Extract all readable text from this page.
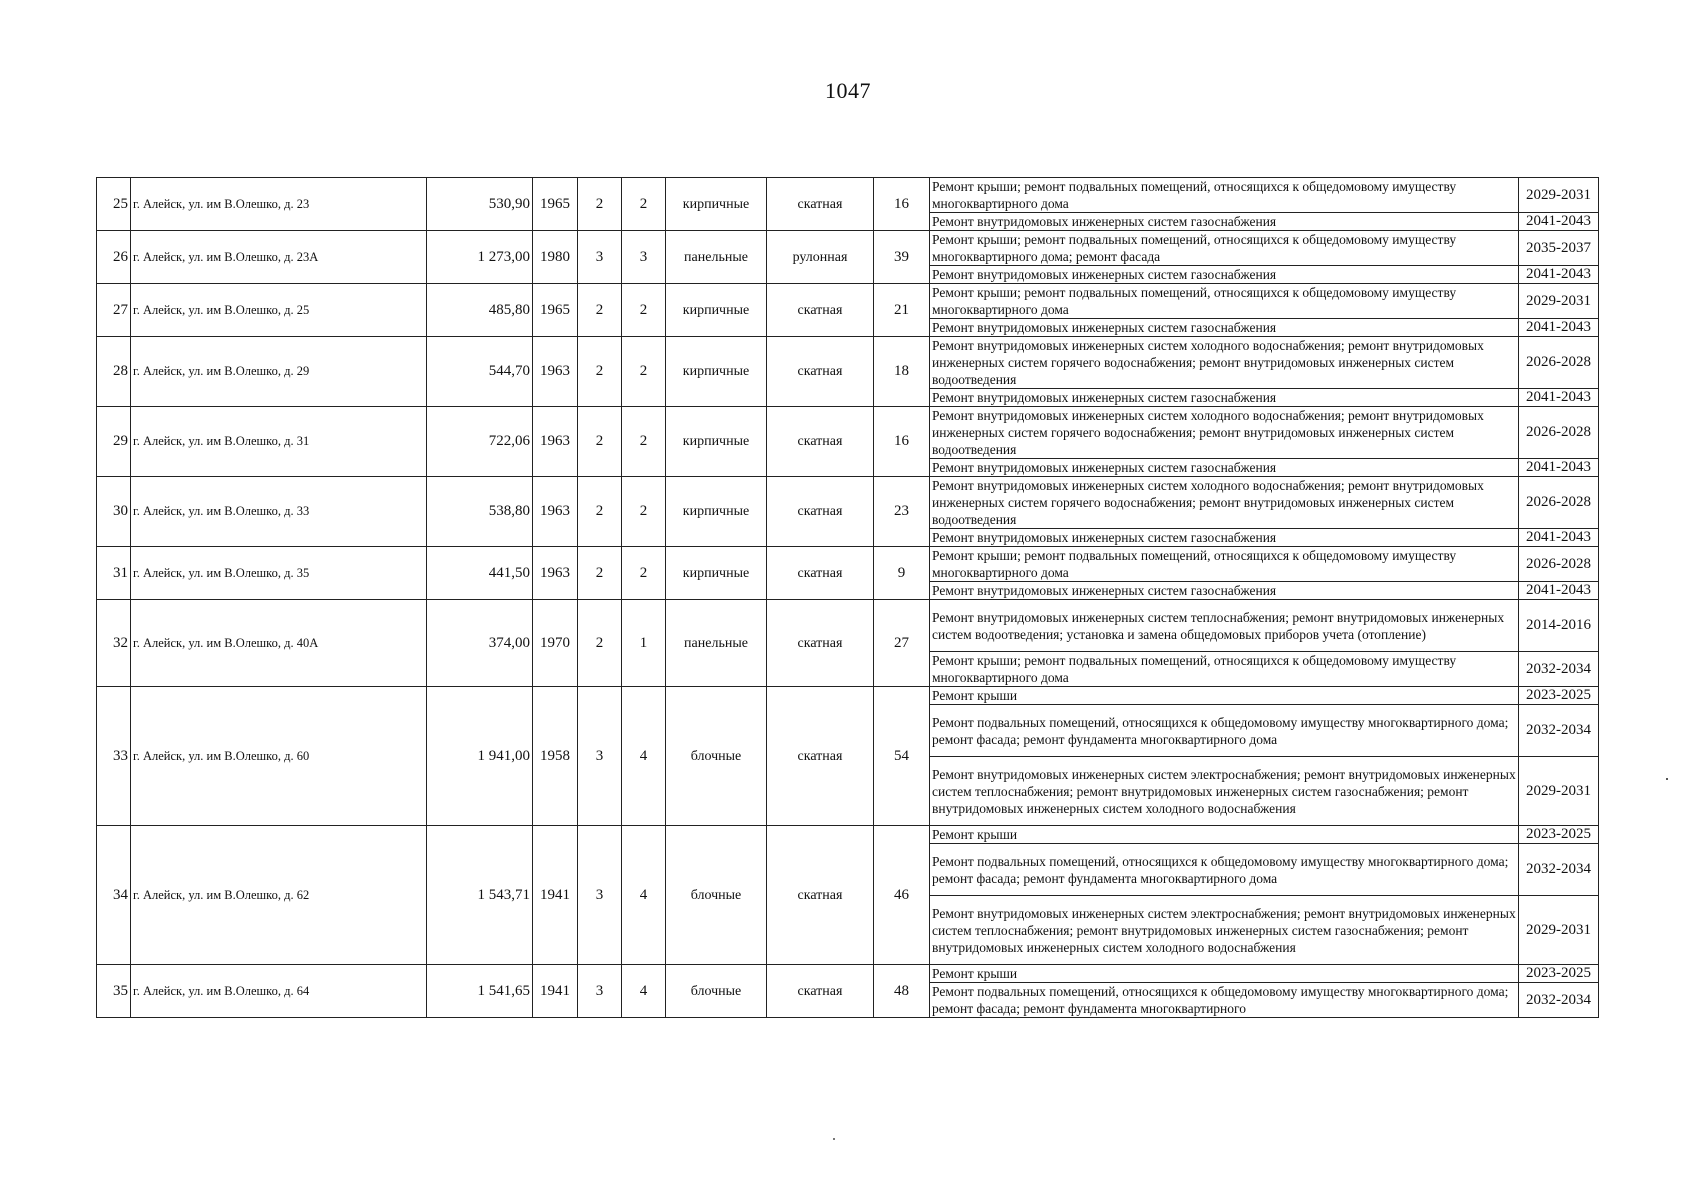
1047
25	г. Алейск, ул. им В.Олешко, д. 23	530,90	1965	2	2	кирпичные	скатная	16	Ремонт крыши; ремонт подвальных помещений, относящихся к общедомовому имуществу многоквартирного дома	2029-2031
									Ремонт внутридомовых инженерных систем газоснабжения	2041-2043
26	г. Алейск, ул. им В.Олешко, д. 23А	1 273,00	1980	3	3	панельные	рулонная	39	Ремонт крыши; ремонт подвальных помещений, относящихся к общедомовому имуществу многоквартирного дома; ремонт фасада	2035-2037
									Ремонт внутридомовых инженерных систем газоснабжения	2041-2043
27	г. Алейск, ул. им В.Олешко, д. 25	485,80	1965	2	2	кирпичные	скатная	21	Ремонт крыши; ремонт подвальных помещений, относящихся к общедомовому имуществу многоквартирного дома	2029-2031
									Ремонт внутридомовых инженерных систем газоснабжения	2041-2043
28	г. Алейск, ул. им В.Олешко, д. 29	544,70	1963	2	2	кирпичные	скатная	18	Ремонт внутридомовых инженерных систем холодного водоснабжения; ремонт внутридомовых инженерных систем горячего водоснабжения; ремонт внутридомовых инженерных систем водоотведения	2026-2028
									Ремонт внутридомовых инженерных систем газоснабжения	2041-2043
29	г. Алейск, ул. им В.Олешко, д. 31	722,06	1963	2	2	кирпичные	скатная	16	Ремонт внутридомовых инженерных систем холодного водоснабжения; ремонт внутридомовых инженерных систем горячего водоснабжения; ремонт внутридомовых инженерных систем водоотведения	2026-2028
									Ремонт внутридомовых инженерных систем газоснабжения	2041-2043
30	г. Алейск, ул. им В.Олешко, д. 33	538,80	1963	2	2	кирпичные	скатная	23	Ремонт внутридомовых инженерных систем холодного водоснабжения; ремонт внутридомовых инженерных систем горячего водоснабжения; ремонт внутридомовых инженерных систем водоотведения	2026-2028
									Ремонт внутридомовых инженерных систем газоснабжения	2041-2043
31	г. Алейск, ул. им В.Олешко, д. 35	441,50	1963	2	2	кирпичные	скатная	9	Ремонт крыши; ремонт подвальных помещений, относящихся к общедомовому имуществу многоквартирного дома	2026-2028
									Ремонт внутридомовых инженерных систем газоснабжения	2041-2043
32	г. Алейск, ул. им В.Олешко, д. 40А	374,00	1970	2	1	панельные	скатная	27	Ремонт внутридомовых инженерных систем теплоснабжения; ремонт внутридомовых инженерных систем водоотведения; установка и замена общедомовых приборов учета (отопление)	2014-2016
									Ремонт крыши; ремонт подвальных помещений, относящихся к общедомовому имуществу многоквартирного дома	2032-2034
33	г. Алейск, ул. им В.Олешко, д. 60	1 941,00	1958	3	4	блочные	скатная	54	Ремонт крыши	2023-2025
									Ремонт подвальных помещений, относящихся к общедомовому имуществу многоквартирного дома; ремонт фасада; ремонт фундамента многоквартирного дома	2032-2034
									Ремонт внутридомовых инженерных систем электроснабжения; ремонт внутридомовых инженерных систем теплоснабжения; ремонт внутридомовых инженерных систем газоснабжения; ремонт внутридомовых инженерных систем холодного водоснабжения	2029-2031
34	г. Алейск, ул. им В.Олешко, д. 62	1 543,71	1941	3	4	блочные	скатная	46	Ремонт крыши	2023-2025
									Ремонт подвальных помещений, относящихся к общедомовому имуществу многоквартирного дома; ремонт фасада; ремонт фундамента многоквартирного дома	2032-2034
									Ремонт внутридомовых инженерных систем электроснабжения; ремонт внутридомовых инженерных систем теплоснабжения; ремонт внутридомовых инженерных систем газоснабжения; ремонт внутридомовых инженерных систем холодного водоснабжения	2029-2031
35	г. Алейск, ул. им В.Олешко, д. 64	1 541,65	1941	3	4	блочные	скатная	48	Ремонт крыши	2023-2025
									Ремонт подвальных помещений, относящихся к общедомовому имуществу многоквартирного дома; ремонт фасада; ремонт фундамента многоквартирного	2032-2034
